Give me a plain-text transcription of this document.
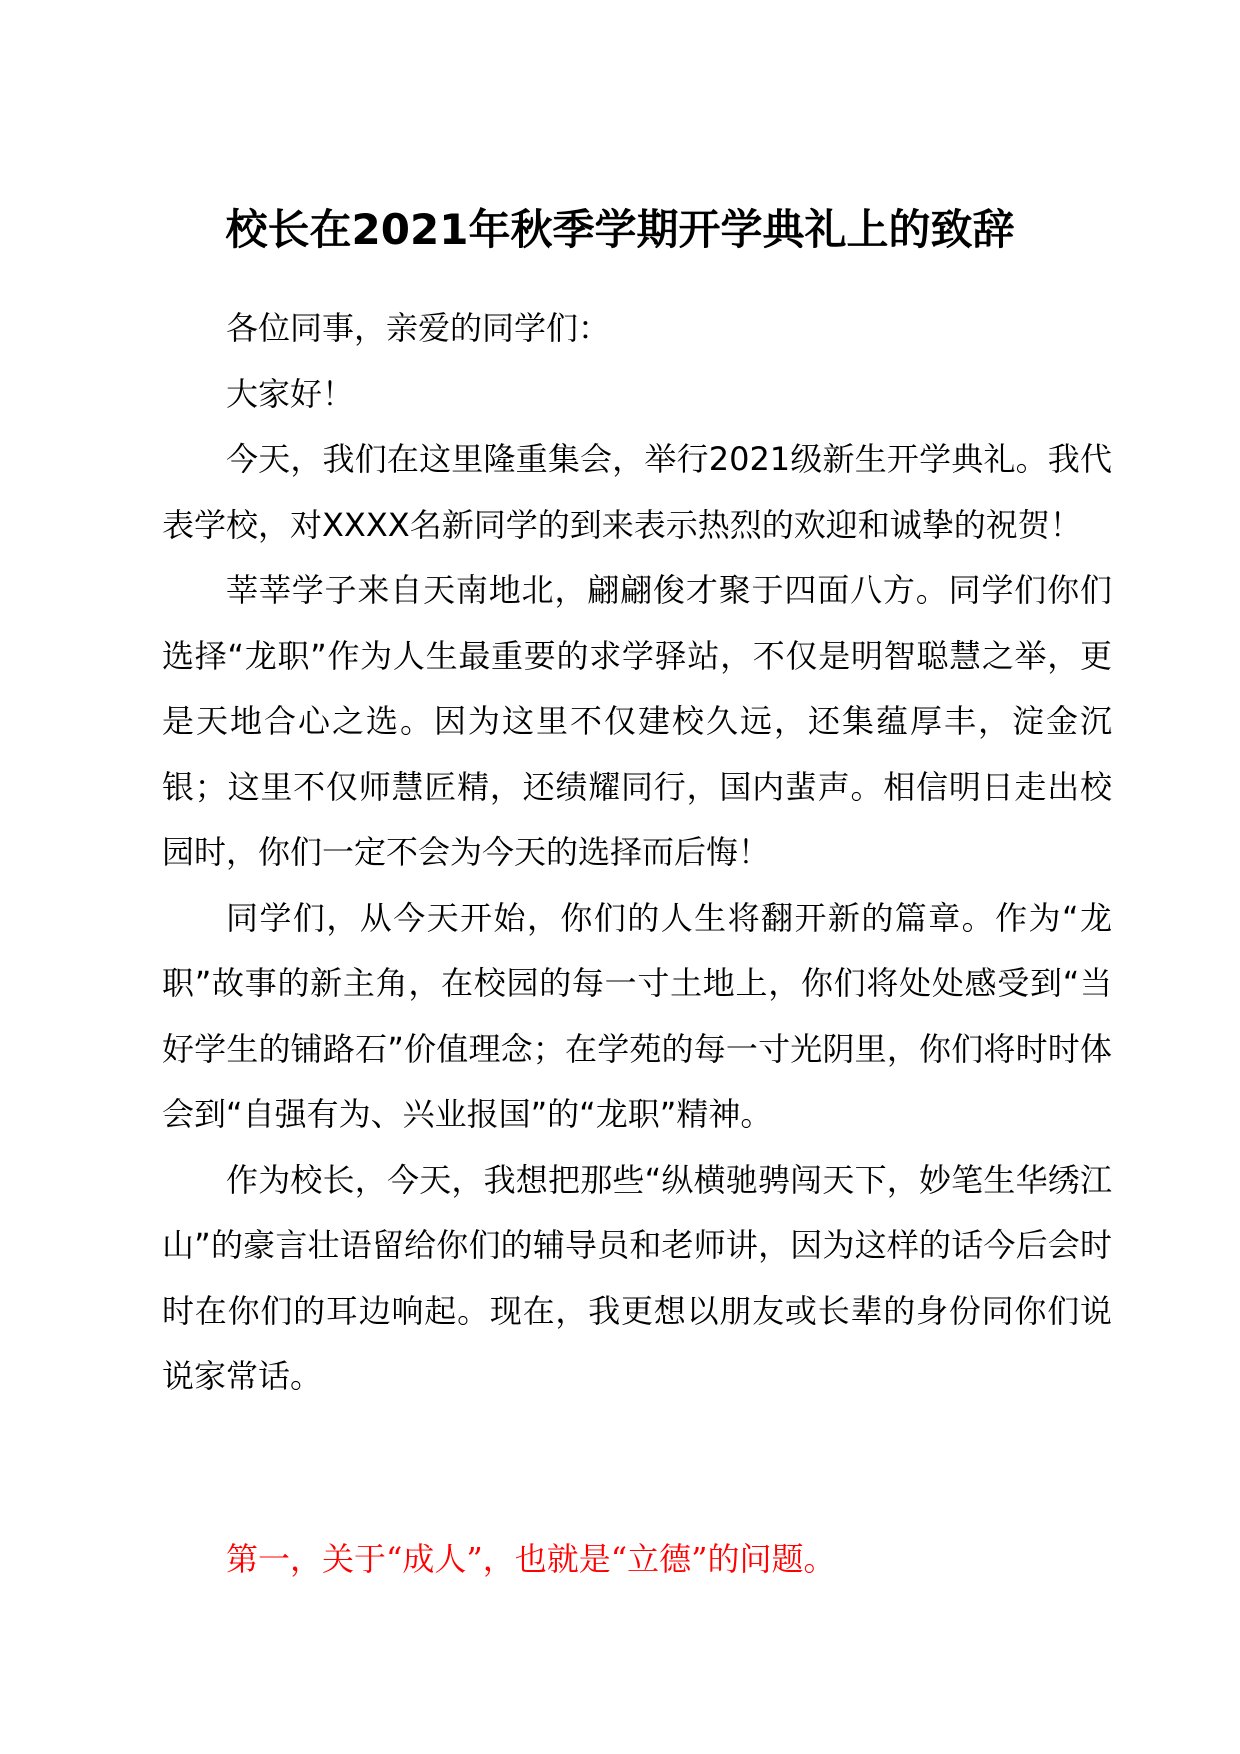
校长在2021年秋季学期开学典礼上的致辞

各位同事，亲爱的同学们：

大家好！

今天，我们在这里隆重集会，举行2021级新生开学典礼。我代表学校，对XXXX名新同学的到来表示热烈的欢迎和诚挚的祝贺！

莘莘学子来自天南地北，翩翩俊才聚于四面八方。同学们你们选择“龙职”作为人生最重要的求学驿站，不仅是明智聪慧之举，更是天地合心之选。因为这里不仅建校久远，还集蕴厚丰，淀金沉银；这里不仅师慧匠精，还绩耀同行，国内蜚声。相信明日走出校园时，你们一定不会为今天的选择而后悔！

同学们，从今天开始，你们的人生将翻开新的篇章。作为“龙职”故事的新主角，在校园的每一寸土地上，你们将处处感受到“当好学生的铺路石”价值理念；在学苑的每一寸光阴里，你们将时时体会到“自强有为、兴业报国”的“龙职”精神。

作为校长，今天，我想把那些“纵横驰骋闯天下，妙笔生华绣江山”的豪言壮语留给你们的辅导员和老师讲，因为这样的话今后会时时在你们的耳边响起。现在，我更想以朋友或长辈的身份同你们说说家常话。

第一，关于“成人”，也就是“立德”的问题。
